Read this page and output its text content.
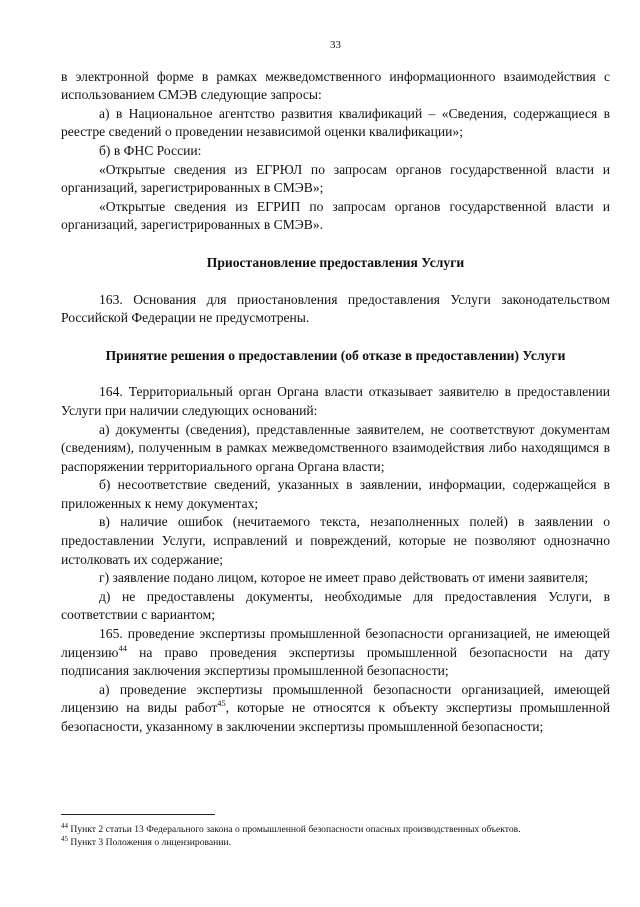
33

в электронной форме в рамках межведомственного информационного взаимодействия с использованием СМЭВ следующие запросы:

а) в Национальное агентство развития квалификаций – «Сведения, содержащиеся в реестре сведений о проведении независимой оценки квалификации»;

б) в ФНС России:

«Открытые сведения из ЕГРЮЛ по запросам органов государственной власти и организаций, зарегистрированных в СМЭВ»;

«Открытые сведения из ЕГРИП по запросам органов государственной власти и организаций, зарегистрированных в СМЭВ».

Приостановление предоставления Услуги

163. Основания для приостановления предоставления Услуги законодательством Российской Федерации не предусмотрены.

Принятие решения о предоставлении (об отказе в предоставлении) Услуги

164. Территориальный орган Органа власти отказывает заявителю в предоставлении Услуги при наличии следующих оснований:

а) документы (сведения), представленные заявителем, не соответствуют документам (сведениям), полученным в рамках межведомственного взаимодействия либо находящимся в распоряжении территориального органа Органа власти;

б) несоответствие сведений, указанных в заявлении, информации, содержащейся в приложенных к нему документах;

в) наличие ошибок (нечитаемого текста, незаполненных полей) в заявлении о предоставлении Услуги, исправлений и повреждений, которые не позволяют однозначно истолковать их содержание;

г) заявление подано лицом, которое не имеет право действовать от имени заявителя;

д) не предоставлены документы, необходимые для предоставления Услуги, в соответствии с вариантом;

165. проведение экспертизы промышленной безопасности организацией, не имеющей лицензию$^{44}$ на право проведения экспертизы промышленной безопасности на дату подписания заключения экспертизы промышленной безопасности;

а) проведение экспертизы промышленной безопасности организацией, имеющей лицензию на виды работ$^{45}$, которые не относятся к объекту экспертизы промышленной безопасности, указанному в заключении экспертизы промышленной безопасности;

$^{44}$ Пункт 2 статьи 13 Федерального закона о промышленной безопасности опасных производственных объектов.
$^{45}$ Пункт 3 Положения о лицензировании.
